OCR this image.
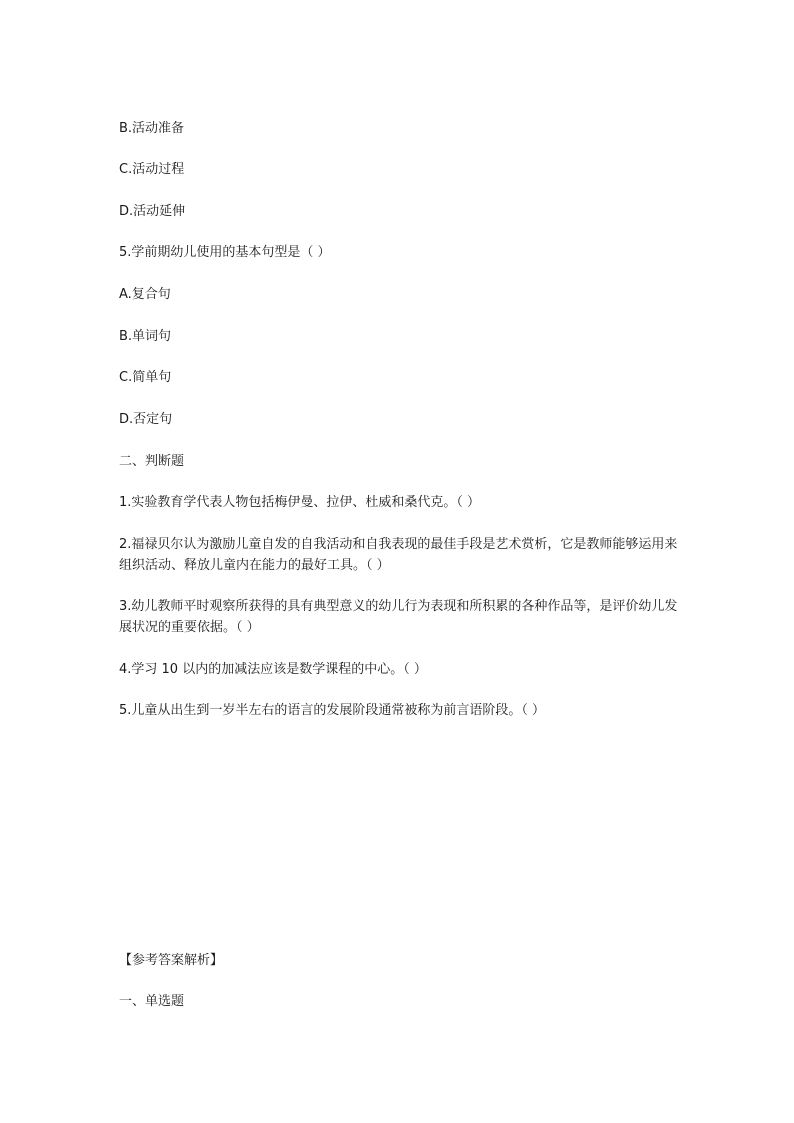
B.活动准备
C.活动过程
D.活动延伸
5.学前期幼儿使用的基本句型是（ ）
A.复合句
B.单词句
C.简单句
D.否定句
二、判断题
1.实验教育学代表人物包括梅伊曼、拉伊、杜威和桑代克。（ ）
2.福禄贝尔认为激励儿童自发的自我活动和自我表现的最佳手段是艺术赏析，它是教师能够运用来组织活动、释放儿童内在能力的最好工具。（ ）
3.幼儿教师平时观察所获得的具有典型意义的幼儿行为表现和所积累的各种作品等，是评价幼儿发展状况的重要依据。（ ）
4.学习 10 以内的加减法应该是数学课程的中心。（ ）
5.儿童从出生到一岁半左右的语言的发展阶段通常被称为前言语阶段。（ ）
【参考答案解析】
一、单选题
